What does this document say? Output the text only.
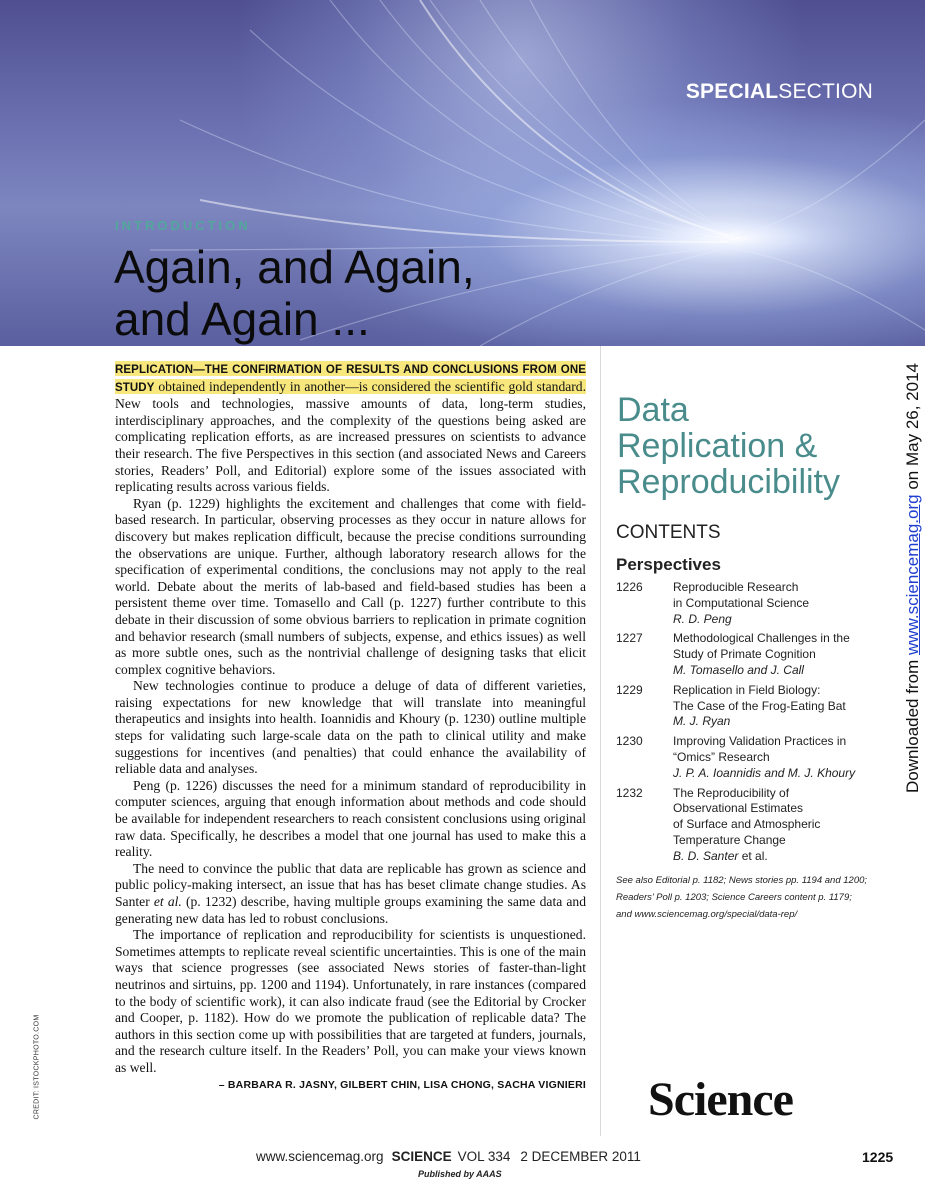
SPECIALSECTION
INTRODUCTION
Again, and Again,
and Again ...

REPLICATION—THE CONFIRMATION OF RESULTS AND CONCLUSIONS FROM ONE STUDY obtained independently in another—is considered the scientific gold standard. New tools and technologies, massive amounts of data, long-term studies, interdisciplinary approaches, and the complexity of the questions being asked are complicating replication efforts, as are increased pressures on scientists to advance their research. The five Perspectives in this section (and associated News and Careers stories, Readers’ Poll, and Editorial) explore some of the issues associated with replicating results across various fields.

Ryan (p. 1229) highlights the excitement and challenges that come with field-based research. In particular, observing processes as they occur in nature allows for discovery but makes replication difficult, because the precise conditions surrounding the observations are unique. Further, although laboratory research allows for the specification of experimental conditions, the conclusions may not apply to the real world. Debate about the merits of lab-based and field-based studies has been a persistent theme over time. Tomasello and Call (p. 1227) further contribute to this debate in their discussion of some obvious barriers to replication in primate cognition and behavior research (small numbers of subjects, expense, and ethics issues) as well as more subtle ones, such as the nontrivial challenge of designing tasks that elicit complex cognitive behaviors.

New technologies continue to produce a deluge of data of different varieties, raising expectations for new knowledge that will translate into meaningful therapeutics and insights into health. Ioannidis and Khoury (p. 1230) outline multiple steps for validating such large-scale data on the path to clinical utility and make suggestions for incentives (and penalties) that could enhance the availability of reliable data and analyses.

Peng (p. 1226) discusses the need for a minimum standard of reproducibility in computer sciences, arguing that enough information about methods and code should be available for independent researchers to reach consistent conclusions using original raw data. Specifically, he describes a model that one journal has used to make this a reality.

The need to convince the public that data are replicable has grown as science and public policy-making intersect, an issue that has has beset climate change studies. As Santer et al. (p. 1232) describe, having multiple groups examining the same data and generating new data has led to robust conclusions.

The importance of replication and reproducibility for scientists is unquestioned. Sometimes attempts to replicate reveal scientific uncertainties. This is one of the main ways that science progresses (see associated News stories of faster-than-light neutrinos and sirtuins, pp. 1200 and 1194). Unfortunately, in rare instances (compared to the body of scientific work), it can also indicate fraud (see the Editorial by Crocker and Cooper, p. 1182). How do we promote the publication of replicable data? The authors in this section come up with possibilities that are targeted at funders, journals, and the research culture itself. In the Readers’ Poll, you can make your views known as well.

– BARBARA R. JASNY, GILBERT CHIN, LISA CHONG, SACHA VIGNIERI

Data
Replication &
Reproducibility
CONTENTS
Perspectives
1226	Reproducible Research
in Computational Science
R. D. Peng
1227	Methodological Challenges in the
Study of Primate Cognition
M. Tomasello and J. Call
1229	Replication in Field Biology:
The Case of the Frog-Eating Bat
M. J. Ryan
1230	Improving Validation Practices in
“Omics” Research
J. P. A. Ioannidis and M. J. Khoury
1232	The Reproducibility of
Observational Estimates
of Surface and Atmospheric
Temperature Change
B. D. Santer et al.
See also Editorial p. 1182; News stories pp. 1194 and 1200;
Readers’ Poll p. 1203; Science Careers content p. 1179;
and www.sciencemag.org/special/data-rep/
Downloaded from www.sciencemag.org on May 26, 2014
CREDIT: ISTOCKPHOTO.COM	Science
www.sciencemag.org SCIENCE VOL 334 2 DECEMBER 2011	1225
Published by AAAS
